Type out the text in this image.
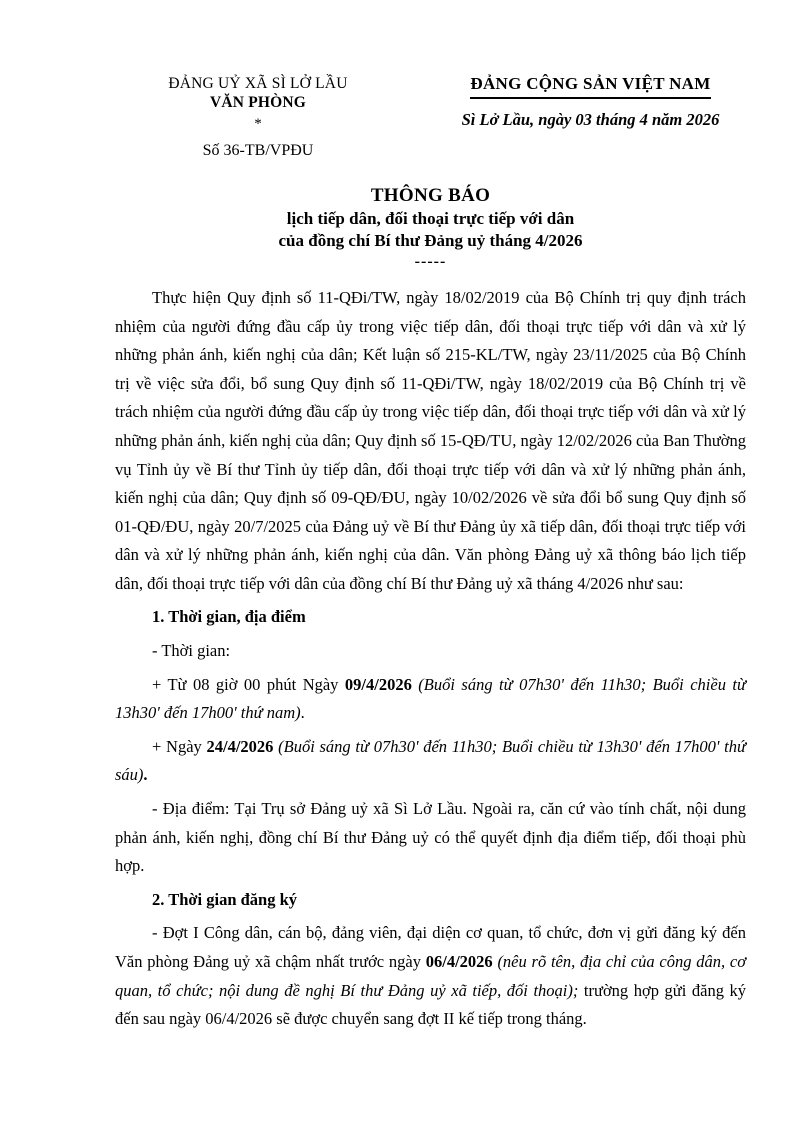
ĐẢNG UỶ XÃ SÌ LỞ LẦU
VĂN PHÒNG
*
Số 36-TB/VPĐU
ĐẢNG CỘNG SẢN VIỆT NAM
Sì Lở Lầu, ngày 03 tháng 4 năm 2026
THÔNG BÁO
lịch tiếp dân, đối thoại trực tiếp với dân
của đồng chí Bí thư Đảng uỷ tháng 4/2026
-----

Thực hiện Quy định số 11-QĐi/TW, ngày 18/02/2019 của Bộ Chính trị quy định trách nhiệm của người đứng đầu cấp ủy trong việc tiếp dân, đối thoại trực tiếp với dân và xử lý những phản ánh, kiến nghị của dân; Kết luận số 215-KL/TW, ngày 23/11/2025 của Bộ Chính trị về việc sửa đổi, bổ sung Quy định số 11-QĐi/TW, ngày 18/02/2019 của Bộ Chính trị về trách nhiệm của người đứng đầu cấp ủy trong việc tiếp dân, đối thoại trực tiếp với dân và xử lý những phản ánh, kiến nghị của dân; Quy định số 15-QĐ/TU, ngày 12/02/2026 của Ban Thường vụ Tỉnh ủy về Bí thư Tỉnh ủy tiếp dân, đối thoại trực tiếp với dân và xử lý những phản ánh, kiến nghị của dân; Quy định số 09-QĐ/ĐU, ngày 10/02/2026 về sửa đổi bổ sung Quy định số 01-QĐ/ĐU, ngày 20/7/2025 của Đảng uỷ về Bí thư Đảng ủy xã tiếp dân, đối thoại trực tiếp với dân và xử lý những phản ánh, kiến nghị của dân. Văn phòng Đảng uỷ xã thông báo lịch tiếp dân, đối thoại trực tiếp với dân của đồng chí Bí thư Đảng uỷ xã tháng 4/2026 như sau:

1. Thời gian, địa điểm

- Thời gian:

+ Từ 08 giờ 00 phút Ngày 09/4/2026 (Buổi sáng từ 07h30' đến 11h30; Buổi chiều từ 13h30' đến 17h00' thứ nam).

+ Ngày 24/4/2026 (Buổi sáng từ 07h30' đến 11h30; Buổi chiều từ 13h30' đến 17h00' thứ sáu).

- Địa điểm: Tại Trụ sở Đảng uỷ xã Sì Lở Lầu. Ngoài ra, căn cứ vào tính chất, nội dung phản ánh, kiến nghị, đồng chí Bí thư Đảng uỷ có thể quyết định địa điểm tiếp, đối thoại phù hợp.

2. Thời gian đăng ký

- Đợt I Công dân, cán bộ, đảng viên, đại diện cơ quan, tổ chức, đơn vị gửi đăng ký đến Văn phòng Đảng uỷ xã chậm nhất trước ngày 06/4/2026 (nêu rõ tên, địa chỉ của công dân, cơ quan, tổ chức; nội dung đề nghị Bí thư Đảng uỷ xã tiếp, đối thoại); trường hợp gửi đăng ký đến sau ngày 06/4/2026 sẽ được chuyển sang đợt II kế tiếp trong tháng.
